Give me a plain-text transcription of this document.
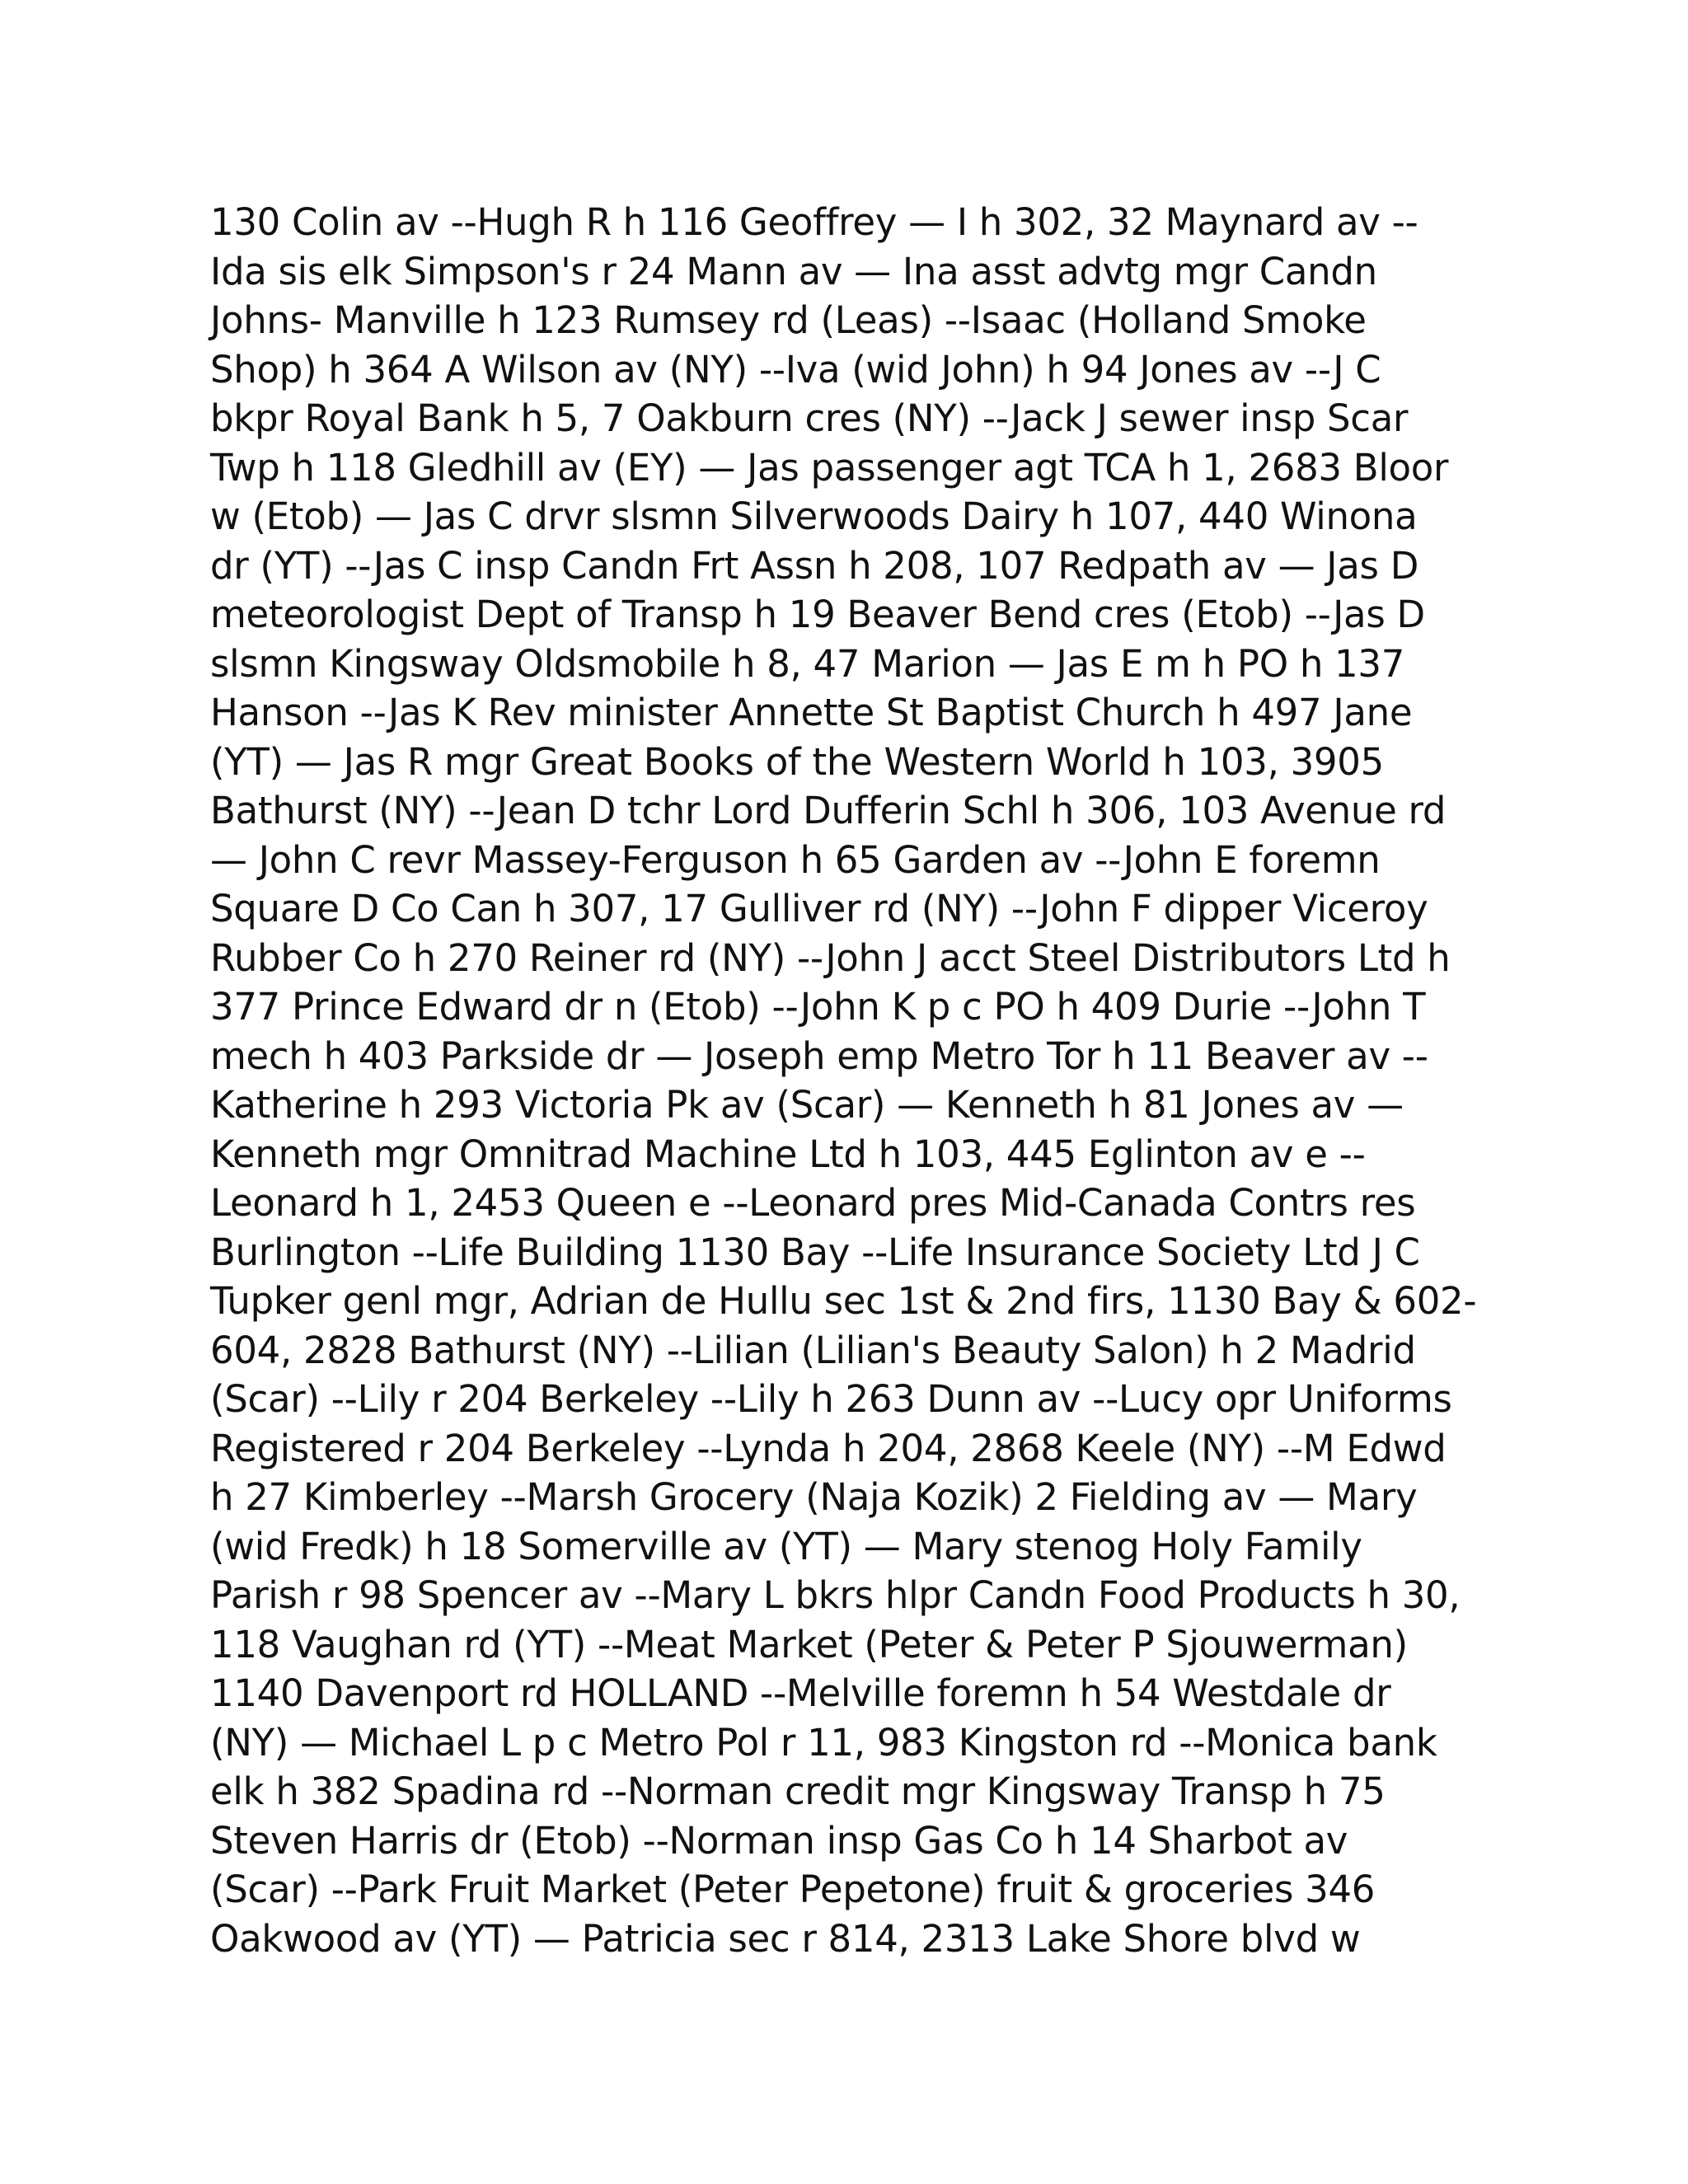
130 Colin av --Hugh R h 116 Geoffrey — I h 302, 32 Maynard av --
Ida sis elk Simpson's r 24 Mann av — Ina asst advtg mgr Candn
Johns- Manville h 123 Rumsey rd (Leas) --Isaac (Holland Smoke
Shop) h 364 A Wilson av (NY) --Iva (wid John) h 94 Jones av --J C
bkpr Royal Bank h 5, 7 Oakburn cres (NY) --Jack J sewer insp Scar
Twp h 118 Gledhill av (EY) — Jas passenger agt TCA h 1, 2683 Bloor
w (Etob) — Jas C drvr slsmn Silverwoods Dairy h 107, 440 Winona
dr (YT) --Jas C insp Candn Frt Assn h 208, 107 Redpath av — Jas D
meteorologist Dept of Transp h 19 Beaver Bend cres (Etob) --Jas D
slsmn Kingsway Oldsmobile h 8, 47 Marion — Jas E m h PO h 137
Hanson --Jas K Rev minister Annette St Baptist Church h 497 Jane
(YT) — Jas R mgr Great Books of the Western World h 103, 3905
Bathurst (NY) --Jean D tchr Lord Dufferin Schl h 306, 103 Avenue rd
— John C revr Massey-Ferguson h 65 Garden av --John E foremn
Square D Co Can h 307, 17 Gulliver rd (NY) --John F dipper Viceroy
Rubber Co h 270 Reiner rd (NY) --John J acct Steel Distributors Ltd h
377 Prince Edward dr n (Etob) --John K p c PO h 409 Durie --John T
mech h 403 Parkside dr — Joseph emp Metro Tor h 11 Beaver av --
Katherine h 293 Victoria Pk av (Scar) — Kenneth h 81 Jones av —
Kenneth mgr Omnitrad Machine Ltd h 103, 445 Eglinton av e --
Leonard h 1, 2453 Queen e --Leonard pres Mid-Canada Contrs res
Burlington --Life Building 1130 Bay --Life Insurance Society Ltd J C
Tupker genl mgr, Adrian de Hullu sec 1st & 2nd firs, 1130 Bay & 602-
604, 2828 Bathurst (NY) --Lilian (Lilian's Beauty Salon) h 2 Madrid
(Scar) --Lily r 204 Berkeley --Lily h 263 Dunn av --Lucy opr Uniforms
Registered r 204 Berkeley --Lynda h 204, 2868 Keele (NY) --M Edwd
h 27 Kimberley --Marsh Grocery (Naja Kozik) 2 Fielding av — Mary
(wid Fredk) h 18 Somerville av (YT) — Mary stenog Holy Family
Parish r 98 Spencer av --Mary L bkrs hlpr Candn Food Products h 30,
118 Vaughan rd (YT) --Meat Market (Peter & Peter P Sjouwerman)
1140 Davenport rd HOLLAND --Melville foremn h 54 Westdale dr
(NY) — Michael L p c Metro Pol r 11, 983 Kingston rd --Monica bank
elk h 382 Spadina rd --Norman credit mgr Kingsway Transp h 75
Steven Harris dr (Etob) --Norman insp Gas Co h 14 Sharbot av
(Scar) --Park Fruit Market (Peter Pepetone) fruit & groceries 346
Oakwood av (YT) — Patricia sec r 814, 2313 Lake Shore blvd w
